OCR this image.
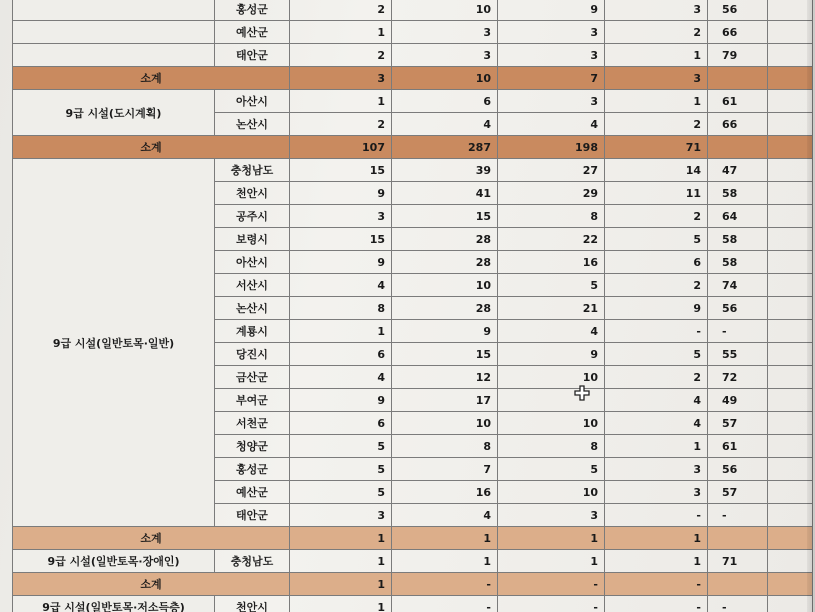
	홍성군	2	10	9	3	56		
	예산군	1	3	3	2	66		
	태안군	2	3	3	1	79		
소계		3	10	7	3			
9급 시설(도시계획)	아산시	1	6	3	1	61		
	논산시	2	4	4	2	66		
소계		107	287	198	71			
9급 시설(일반토목·일반)	충청남도	15	39	27	14	47		
	천안시	9	41	29	11	58		
	공주시	3	15	8	2	64		
	보령시	15	28	22	5	58		
	아산시	9	28	16	6	58		
	서산시	4	10	5	2	74		
	논산시	8	28	21	9	56		
	계룡시	1	9	4	-	-		
	당진시	6	15	9	5	55		
	금산군	4	12	10	2	72		
	부여군	9	17		4	49		
	서천군	6	10	10	4	57		
	청양군	5	8	8	1	61		
	홍성군	5	7	5	3	56		
	예산군	5	16	10	3	57		
	태안군	3	4	3	-	-		
소계		1	1	1	1			
9급 시설(일반토목·장애인)	충청남도	1	1	1	1	71		
소계		1	-	-	-			
9급 시설(일반토목·저소득층)	천안시	1	-	-	-	-		
